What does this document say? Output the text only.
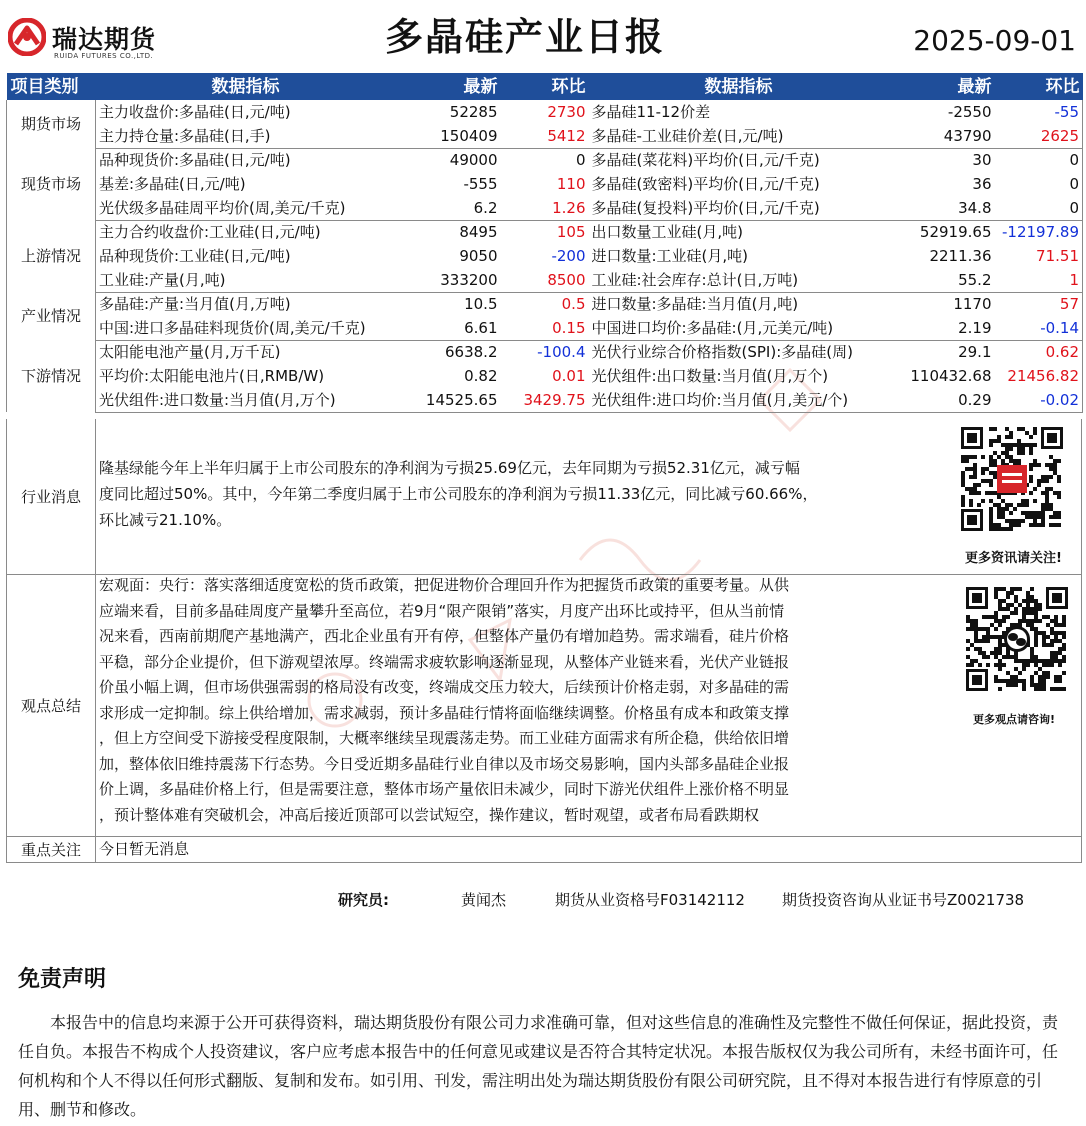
瑞达期货
RUIDA FUTURES CO.,LTD.	多晶硅产业日报	2025-09-01
项目类别	数据指标	最新	环比	数据指标	最新	环比
期货市场	主力收盘价:多晶硅(日,元/吨)	52285	2730	多晶硅11-12价差	-2550	-55
	主力持仓量:多晶硅(日,手)	150409	5412	多晶硅-工业硅价差(日,元/吨)	43790	2625
现货市场	品种现货价:多晶硅(日,元/吨)	49000	0	多晶硅(菜花料)平均价(日,元/千克)	30	0
	基差:多晶硅(日,元/吨)	-555	110	多晶硅(致密料)平均价(日,元/千克)	36	0
	光伏级多晶硅周平均价(周,美元/千克)	6.2	1.26	多晶硅(复投料)平均价(日,元/千克)	34.8	0
上游情况	主力合约收盘价:工业硅(日,元/吨)	8495	105	出口数量工业硅(月,吨)	52919.65	-12197.89
	品种现货价:工业硅(日,元/吨)	9050	-200	进口数量:工业硅(月,吨)	2211.36	71.51
	工业硅:产量(月,吨)	333200	8500	工业硅:社会库存:总计(日,万吨)	55.2	1
产业情况	多晶硅:产量:当月值(月,万吨)	10.5	0.5	进口数量:多晶硅:当月值(月,吨)	1170	57
	中国:进口多晶硅料现货价(周,美元/千克)	6.61	0.15	中国进口均价:多晶硅:(月,元美元/吨)	2.19	-0.14
下游情况	太阳能电池产量(月,万千瓦)	6638.2	-100.4	光伏行业综合价格指数(SPI):多晶硅(周)	29.1	0.62
	平均价:太阳能电池片(日,RMB/W)	0.82	0.01	光伏组件:出口数量:当月值(月,万个)	110432.68	21456.82
	光伏组件:进口数量:当月值(月,万个)	14525.65	3429.75	光伏组件:进口均价:当月值(月,美元/个)	0.29	-0.02
行业消息
隆基绿能今年上半年归属于上市公司股东的净利润为亏损25.69亿元，去年同期为亏损52.31亿元，减亏幅
度同比超过50%。其中，今年第二季度归属于上市公司股东的净利润为亏损11.33亿元，同比减亏60.66%，
环比减亏21.10%。
更多资讯请关注!
观点总结
宏观面：央行：落实落细适度宽松的货币政策，把促进物价合理回升作为把握货币政策的重要考量。从供
应端来看，目前多晶硅周度产量攀升至高位，若9月“限产限销”落实，月度产出环比或持平，但从当前情
况来看，西南前期爬产基地满产，西北企业虽有开有停，但整体产量仍有增加趋势。需求端看，硅片价格
平稳，部分企业提价，但下游观望浓厚。终端需求疲软影响逐渐显现，从整体产业链来看，光伏产业链报
价虽小幅上调，但市场供强需弱的格局没有改变，终端成交压力较大，后续预计价格走弱，对多晶硅的需
求形成一定抑制。综上供给增加，需求减弱，预计多晶硅行情将面临继续调整。价格虽有成本和政策支撑
，但上方空间受下游接受程度限制，大概率继续呈现震荡走势。而工业硅方面需求有所企稳，供给依旧增
加，整体依旧维持震荡下行态势。今日受近期多晶硅行业自律以及市场交易影响，国内头部多晶硅企业报
价上调，多晶硅价格上行，但是需要注意，整体市场产量依旧未减少，同时下游光伏组件上涨价格不明显
，预计整体难有突破机会，冲高后接近顶部可以尝试短空，操作建议，暂时观望，或者布局看跌期权
更多观点请咨询!
重点关注	今日暂无消息
研究员:	黄闻杰	期货从业资格号F03142112 期货投资咨询从业证书号Z0021738
免责声明
本报告中的信息均来源于公开可获得资料，瑞达期货股份有限公司力求准确可靠，但对这些信息的准确性及完整性不做任何保证，据此投资，责任自负。本报告不构成个人投资建议，客户应考虑本报告中的任何意见或建议是否符合其特定状况。本报告版权仅为我公司所有，未经书面许可，任何机构和个人不得以任何形式翻版、复制和发布。如引用、刊发，需注明出处为瑞达期货股份有限公司研究院，且不得对本报告进行有悖原意的引用、删节和修改。
